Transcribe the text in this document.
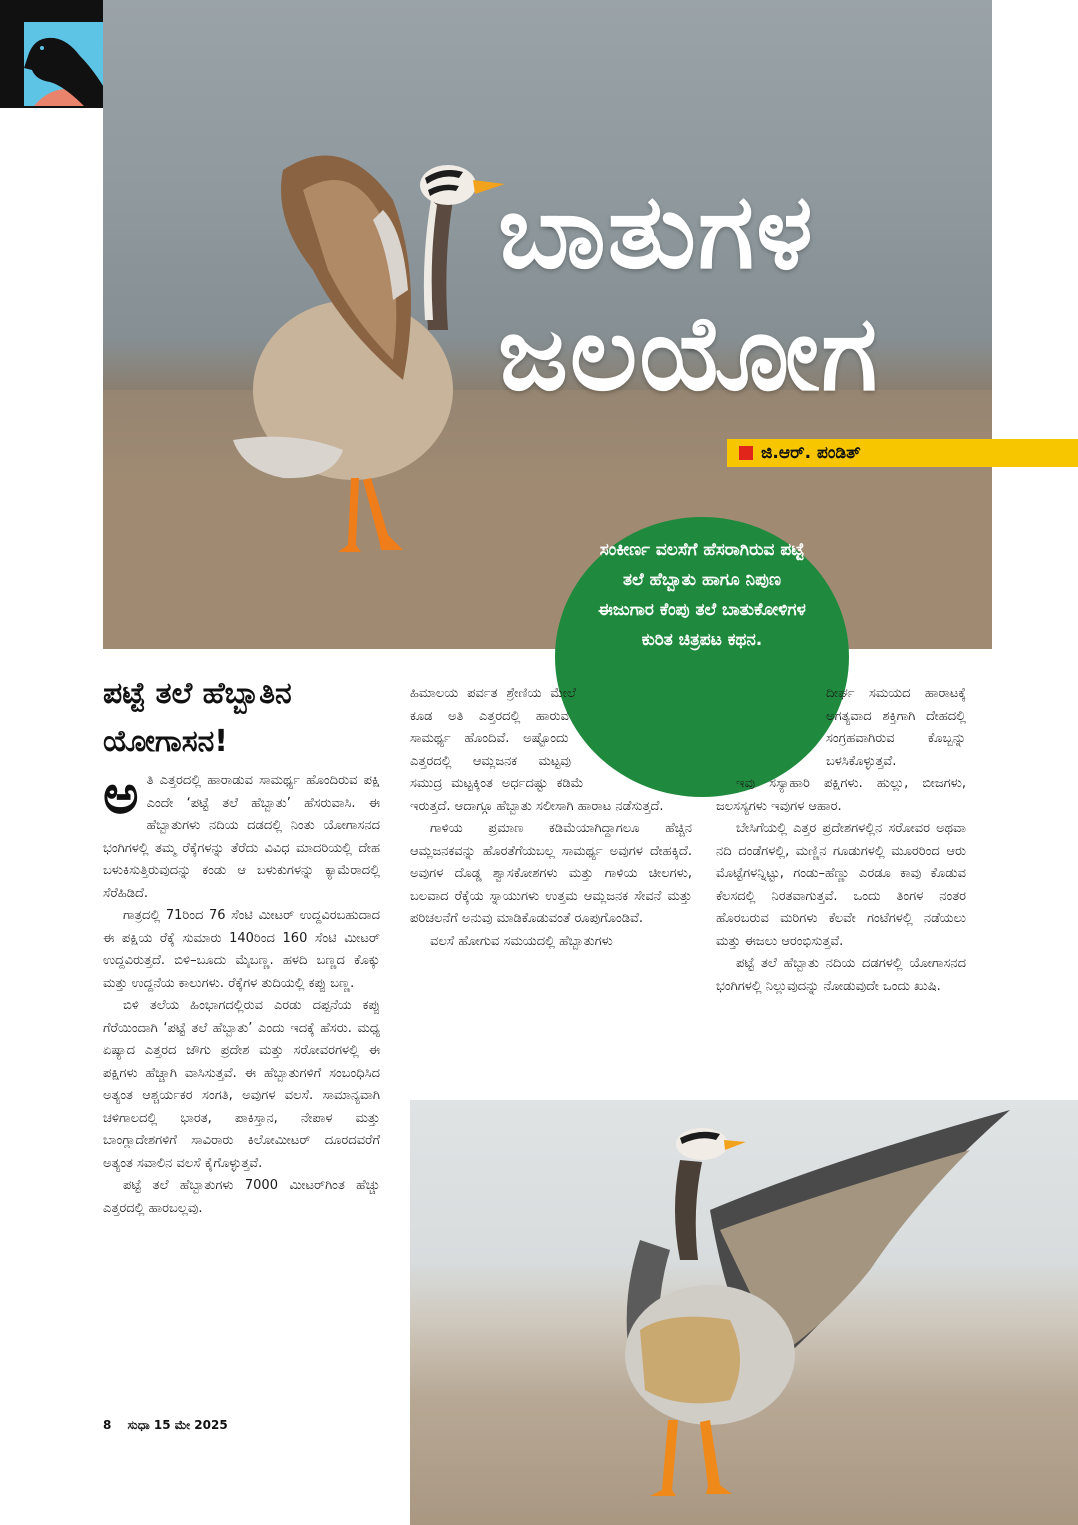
ಬಾತುಗಳ
ಜಲಯೋಗ
ಜಿ.ಆರ್. ಪಂಡಿತ್
ಸಂಕೀರ್ಣ ವಲಸೆಗೆ ಹೆಸರಾಗಿರುವ ಪಟ್ಟೆ ತಲೆ ಹೆಬ್ಬಾತು ಹಾಗೂ ನಿಪುಣ ಈಜುಗಾರ ಕೆಂಪು ತಲೆ ಬಾತುಕೋಳಿಗಳ ಕುರಿತ ಚಿತ್ರಪಟ ಕಥನ.
ಪಟ್ಟೆ ತಲೆ ಹೆಬ್ಬಾತಿನ ಯೋಗಾಸನ!

ಅತಿ ಎತ್ತರದಲ್ಲಿ ಹಾರಾಡುವ ಸಾಮರ್ಥ್ಯ ಹೊಂದಿರುವ ಪಕ್ಷಿ ಎಂದೇ ‘ಪಟ್ಟೆ ತಲೆ ಹೆಬ್ಬಾತು’ ಹೆಸರುವಾಸಿ. ಈ ಹೆಬ್ಬಾತುಗಳು ನದಿಯ ದಡದಲ್ಲಿ ನಿಂತು ಯೋಗಾಸನದ ಭಂಗಿಗಳಲ್ಲಿ ತಮ್ಮ ರೆಕ್ಕೆಗಳನ್ನು ತೆರೆದು ವಿವಿಧ ಮಾದರಿಯಲ್ಲಿ ದೇಹ ಬಳುಕಿಸುತ್ತಿರುವುದನ್ನು ಕಂಡು ಆ ಬಳುಕುಗಳನ್ನು ಕ್ಯಾಮೆರಾದಲ್ಲಿ ಸೆರೆಹಿಡಿದೆ.

ಗಾತ್ರದಲ್ಲಿ 71ರಿಂದ 76 ಸೆಂಟಿ ಮೀಟರ್ ಉದ್ದವಿರಬಹುದಾದ ಈ ಪಕ್ಷಿಯ ರೆಕ್ಕೆ ಸುಮಾರು 140ರಿಂದ 160 ಸೆಂಟಿ ಮೀಟರ್ ಉದ್ದವಿರುತ್ತದೆ. ಬಿಳಿ–ಬೂದು ಮೈಬಣ್ಣ. ಹಳದಿ ಬಣ್ಣದ ಕೊಕ್ಕು ಮತ್ತು ಉದ್ದನೆಯ ಕಾಲುಗಳು. ರೆಕ್ಕೆಗಳ ತುದಿಯಲ್ಲಿ ಕಪ್ಪು ಬಣ್ಣ.

ಬಿಳಿ ತಲೆಯ ಹಿಂಭಾಗದಲ್ಲಿರುವ ಎರಡು ದಪ್ಪನೆಯ ಕಪ್ಪು ಗೆರೆಯಿಂದಾಗಿ ‘ಪಟ್ಟೆ ತಲೆ ಹೆಬ್ಬಾತು’ ಎಂದು ಇದಕ್ಕೆ ಹೆಸರು. ಮಧ್ಯ ಏಷ್ಯಾದ ಎತ್ತರದ ಜೌಗು ಪ್ರದೇಶ ಮತ್ತು ಸರೋವರಗಳಲ್ಲಿ ಈ ಪಕ್ಷಿಗಳು ಹೆಚ್ಚಾಗಿ ವಾಸಿಸುತ್ತವೆ. ಈ ಹೆಬ್ಬಾತುಗಳಿಗೆ ಸಂಬಂಧಿಸಿದ ಅತ್ಯಂತ ಆಶ್ಚರ್ಯಕರ ಸಂಗತಿ, ಅವುಗಳ ವಲಸೆ. ಸಾಮಾನ್ಯವಾಗಿ ಚಳಿಗಾಲದಲ್ಲಿ ಭಾರತ, ಪಾಕಿಸ್ತಾನ, ನೇಪಾಳ ಮತ್ತು ಬಾಂಗ್ಲಾದೇಶಗಳಿಗೆ ಸಾವಿರಾರು ಕಿಲೋಮೀಟರ್ ದೂರದವರೆಗೆ ಅತ್ಯಂತ ಸವಾಲಿನ ವಲಸೆ ಕೈಗೊಳ್ಳುತ್ತವೆ.

ಪಟ್ಟೆ ತಲೆ ಹೆಬ್ಬಾತುಗಳು 7000 ಮೀಟರ್‌ಗಿಂತ ಹೆಚ್ಚು ಎತ್ತರದಲ್ಲಿ ಹಾರಬಲ್ಲವು.

ಹಿಮಾಲಯ ಪರ್ವತ ಶ್ರೇಣಿಯ ಮೇಲೆ ಕೂಡ ಅತಿ ಎತ್ತರದಲ್ಲಿ ಹಾರುವ ಸಾಮರ್ಥ್ಯ ಹೊಂದಿವೆ. ಅಷ್ಟೊಂದು ಎತ್ತರದಲ್ಲಿ ಆಮ್ಲಜನಕ ಮಟ್ಟವು ಸಮುದ್ರ ಮಟ್ಟಕ್ಕಿಂತ ಅರ್ಧದಷ್ಟು ಕಡಿಮೆ ಇರುತ್ತದೆ. ಆದಾಗ್ಗೂ ಹೆಬ್ಬಾತು ಸಲೀಸಾಗಿ ಹಾರಾಟ ನಡೆಸುತ್ತದೆ.

ಗಾಳಿಯ ಪ್ರಮಾಣ ಕಡಿಮೆಯಾಗಿದ್ದಾಗಲೂ ಹೆಚ್ಚಿನ ಆಮ್ಲಜನಕವನ್ನು ಹೊರತೆಗೆಯಬಲ್ಲ ಸಾಮರ್ಥ್ಯ ಅವುಗಳ ದೇಹಕ್ಕಿದೆ. ಅವುಗಳ ದೊಡ್ಡ ಶ್ವಾಸಕೋಶಗಳು ಮತ್ತು ಗಾಳಿಯ ಚೀಲಗಳು, ಬಲವಾದ ರೆಕ್ಕೆಯ ಸ್ನಾಯುಗಳು ಉತ್ತಮ ಆಮ್ಲಜನಕ ಸೇವನೆ ಮತ್ತು ಪರಿಚಲನೆಗೆ ಅನುವು ಮಾಡಿಕೊಡುವಂತೆ ರೂಪುಗೊಂಡಿವೆ.

ವಲಸೆ ಹೋಗುವ ಸಮಯದಲ್ಲಿ ಹೆಬ್ಬಾತುಗಳು

ದೀರ್ಘ ಸಮಯದ ಹಾರಾಟಕ್ಕೆ ಅಗತ್ಯವಾದ ಶಕ್ತಿಗಾಗಿ ದೇಹದಲ್ಲಿ ಸಂಗ್ರಹವಾಗಿರುವ ಕೊಬ್ಬನ್ನು ಬಳಸಿಕೊಳ್ಳುತ್ತವೆ.

ಇವು ಸಸ್ಯಾಹಾರಿ ಪಕ್ಷಿಗಳು. ಹುಲ್ಲು, ಬೀಜಗಳು, ಜಲಸಸ್ಯಗಳು ಇವುಗಳ ಆಹಾರ.

ಬೇಸಿಗೆಯಲ್ಲಿ ಎತ್ತರ ಪ್ರದೇಶಗಳಲ್ಲಿನ ಸರೋವರ ಅಥವಾ ನದಿ ದಂಡೆಗಳಲ್ಲಿ, ಮಣ್ಣಿನ ಗೂಡುಗಳಲ್ಲಿ ಮೂರರಿಂದ ಆರು ಮೊಟ್ಟೆಗಳನ್ನಿಟ್ಟು, ಗಂಡು–ಹೆಣ್ಣು ಎರಡೂ ಕಾವು ಕೊಡುವ ಕೆಲಸದಲ್ಲಿ ನಿರತವಾಗುತ್ತವೆ. ಒಂದು ತಿಂಗಳ ನಂತರ ಹೊರಬರುವ ಮರಿಗಳು ಕೆಲವೇ ಗಂಟೆಗಳಲ್ಲಿ ನಡೆಯಲು ಮತ್ತು ಈಜಲು ಆರಂಭಿಸುತ್ತವೆ.

ಪಟ್ಟೆ ತಲೆ ಹೆಬ್ಬಾತು ನದಿಯ ದಡಗಳಲ್ಲಿ ಯೋಗಾಸನದ ಭಂಗಿಗಳಲ್ಲಿ ನಿಲ್ಲುವುದನ್ನು ನೋಡುವುದೇ ಒಂದು ಖುಷಿ.

8 ಸುಧಾ 15 ಮೇ 2025
